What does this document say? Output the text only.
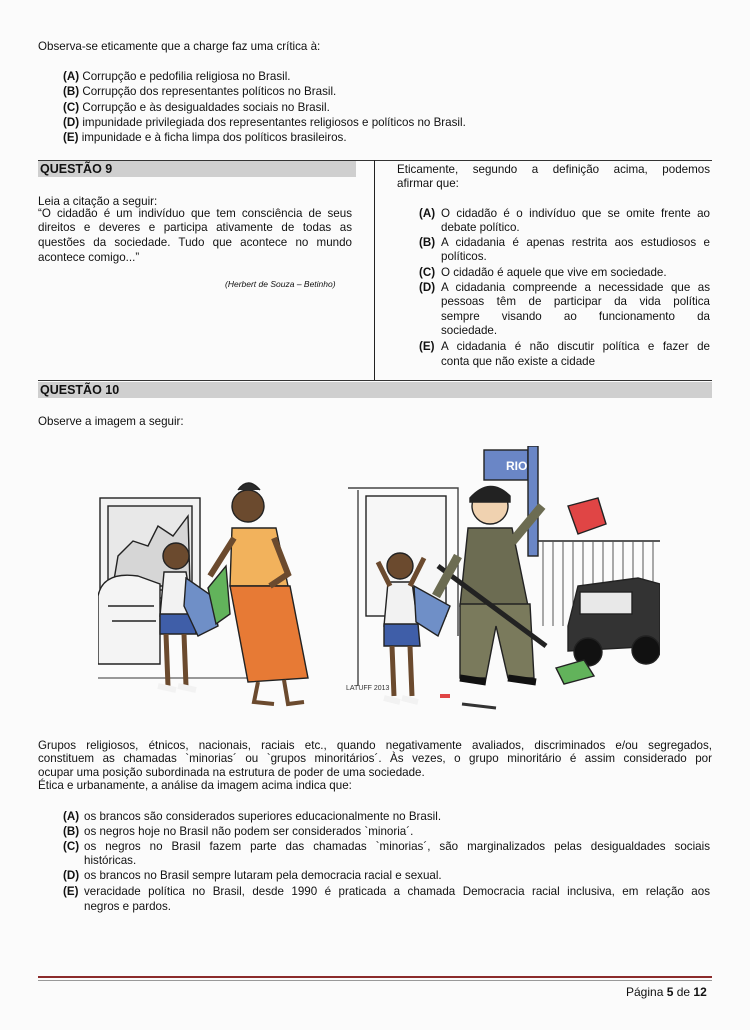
Observa-se eticamente que a charge faz uma crítica à:
(A) Corrupção e pedofilia religiosa no Brasil.
(B) Corrupção dos representantes políticos no Brasil.
(C) Corrupção e às desigualdades sociais no Brasil.
(D) impunidade privilegiada dos representantes religiosos e políticos no Brasil.
(E) impunidade e à ficha limpa dos políticos brasileiros.
QUESTÃO 9
Leia a citação a seguir:
“O cidadão é um indivíduo que tem consciência de seus
direitos e deveres e participa ativamente de todas as
questões da sociedade. Tudo que acontece no mundo
acontece comigo...”
(Herbert de Souza – Betinho)
Eticamente, segundo a definição acima, podemos
afirmar que:
(A) O cidadão é o indivíduo que se omite frente ao
debate político.
(B) A cidadania é apenas restrita aos estudiosos e
políticos.
(C) O cidadão é aquele que vive em sociedade.
(D) A cidadania compreende a necessidade que as
pessoas têm de participar da vida política
sempre visando ao funcionamento da
sociedade.
(E) A cidadania é não discutir política e fazer de
conta que não existe a cidade
QUESTÃO 10
Observe a imagem a seguir:
RIO
LATUFF 2013
Grupos religiosos, étnicos, nacionais, raciais etc., quando negativamente avaliados, discriminados e/ou segregados,
constituem as chamadas `minorias´ ou `grupos minoritários´. Às vezes, o grupo minoritário é assim considerado por
ocupar uma posição subordinada na estrutura de poder de uma sociedade.
Ética e urbanamente, a análise da imagem acima indica que:
(A) os brancos são considerados superiores educacionalmente no Brasil.
(B) os negros hoje no Brasil não podem ser considerados `minoria´.
(C) os negros no Brasil fazem parte das chamadas `minorias´, são marginalizados pelas desigualdades sociais
históricas.
(D) os brancos no Brasil sempre lutaram pela democracia racial e sexual.
(E) veracidade política no Brasil, desde 1990 é praticada a chamada Democracia racial inclusiva, em relação aos
negros e pardos.
Página 5 de 12
